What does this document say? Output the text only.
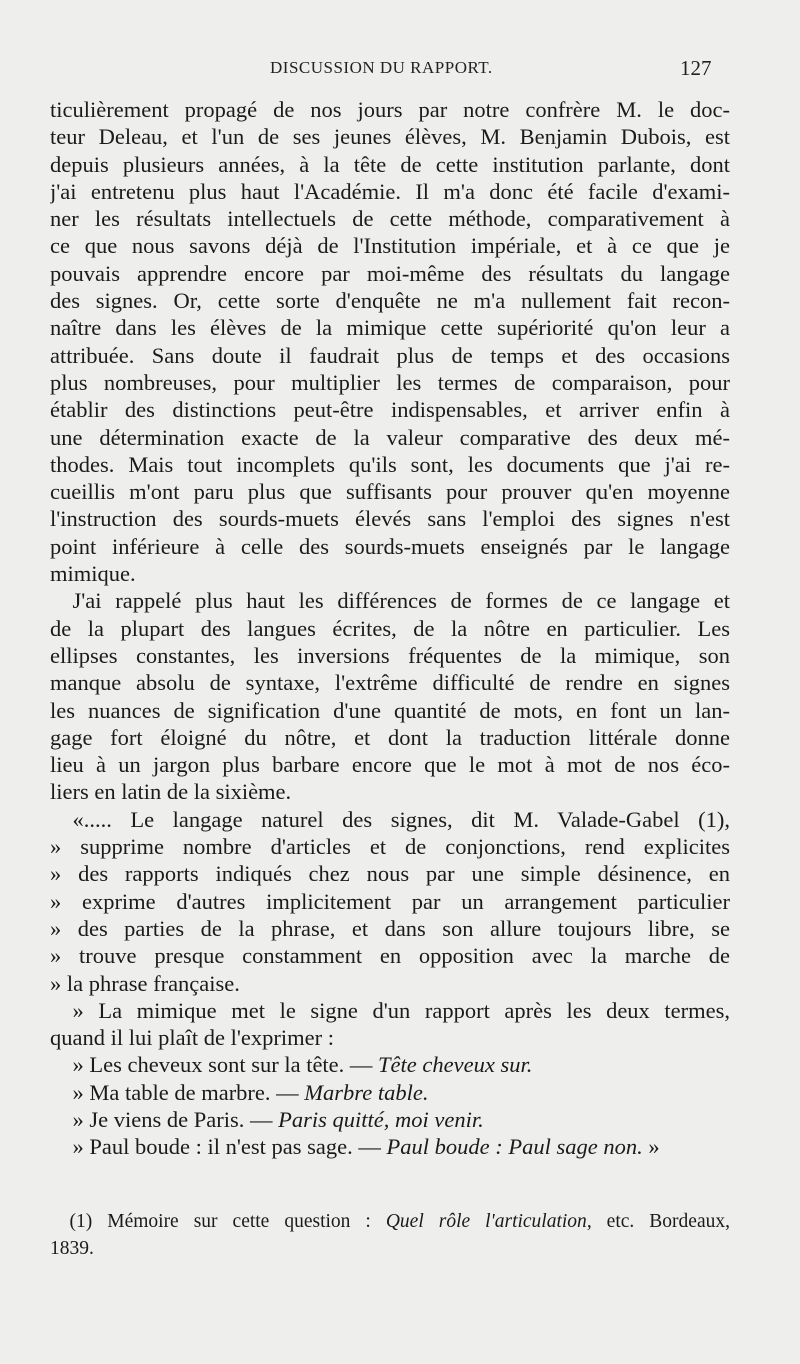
DISCUSSION DU RAPPORT.	127
ticulièrement propagé de nos jours par notre confrère M. le doc-
teur Deleau, et l'un de ses jeunes élèves, M. Benjamin Dubois, est
depuis plusieurs années, à la tête de cette institution parlante, dont
j'ai entretenu plus haut l'Académie. Il m'a donc été facile d'exami-
ner les résultats intellectuels de cette méthode, comparativement à
ce que nous savons déjà de l'Institution impériale, et à ce que je
pouvais apprendre encore par moi-même des résultats du langage
des signes. Or, cette sorte d'enquête ne m'a nullement fait recon-
naître dans les élèves de la mimique cette supériorité qu'on leur a
attribuée. Sans doute il faudrait plus de temps et des occasions
plus nombreuses, pour multiplier les termes de comparaison, pour
établir des distinctions peut-être indispensables, et arriver enfin à
une détermination exacte de la valeur comparative des deux mé-
thodes. Mais tout incomplets qu'ils sont, les documents que j'ai re-
cueillis m'ont paru plus que suffisants pour prouver qu'en moyenne
l'instruction des sourds-muets élevés sans l'emploi des signes n'est
point inférieure à celle des sourds-muets enseignés par le langage
mimique.
 J'ai rappelé plus haut les différences de formes de ce langage et
de la plupart des langues écrites, de la nôtre en particulier. Les
ellipses constantes, les inversions fréquentes de la mimique, son
manque absolu de syntaxe, l'extrême difficulté de rendre en signes
les nuances de signification d'une quantité de mots, en font un lan-
gage fort éloigné du nôtre, et dont la traduction littérale donne
lieu à un jargon plus barbare encore que le mot à mot de nos éco-
liers en latin de la sixième.
 «..... Le langage naturel des signes, dit M. Valade-Gabel (1),
» supprime nombre d'articles et de conjonctions, rend explicites
» des rapports indiqués chez nous par une simple désinence, en
» exprime d'autres implicitement par un arrangement particulier
» des parties de la phrase, et dans son allure toujours libre, se
» trouve presque constamment en opposition avec la marche de
» la phrase française.
 » La mimique met le signe d'un rapport après les deux termes,
quand il lui plaît de l'exprimer :
 » Les cheveux sont sur la tête. — Tête cheveux sur.
 » Ma table de marbre. — Marbre table.
 » Je viens de Paris. — Paris quitté, moi venir.
 » Paul boude : il n'est pas sage. — Paul boude : Paul sage non. »
 (1) Mémoire sur cette question : Quel rôle l'articulation, etc. Bordeaux,
1839.
